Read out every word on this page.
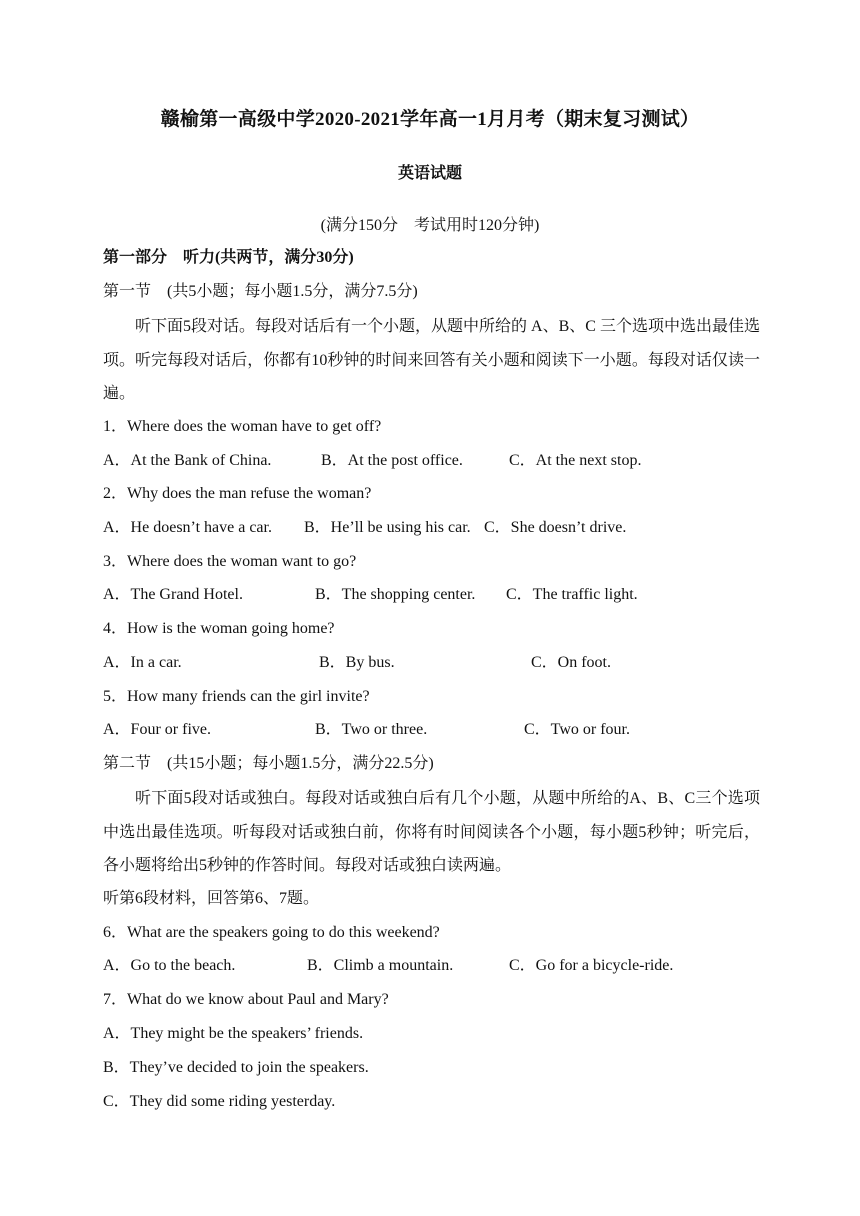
赣榆第一高级中学2020-2021学年高一1月月考（期末复习测试）
英语试题
(满分150分　考试用时120分钟)
第一部分　听力(共两节，满分30分)
第一节　(共5小题；每小题1.5分，满分7.5分)
听下面5段对话。每段对话后有一个小题，从题中所给的 A、B、C 三个选项中选出最佳选项。听完每段对话后，你都有10秒钟的时间来回答有关小题和阅读下一小题。每段对话仅读一遍。
1．Where does the woman have to get off?
A．At the Bank of China.	B．At the post office.	C．At the next stop.
2．Why does the man refuse the woman?
A．He doesn’t have a car. B．He’ll be using his car. C．She doesn’t drive.
3．Where does the woman want to go?
A．The Grand Hotel.	B．The shopping center. C．The traffic light.
4．How is the woman going home?
A．In a car.	B．By bus.	C．On foot.
5．How many friends can the girl invite?
A．Four or five.	B．Two or three.	C．Two or four.
第二节　(共15小题；每小题1.5分，满分22.5分)
听下面5段对话或独白。每段对话或独白后有几个小题，从题中所给的A、B、C三个选项中选出最佳选项。听每段对话或独白前，你将有时间阅读各个小题，每小题5秒钟；听完后，各小题将给出5秒钟的作答时间。每段对话或独白读两遍。
听第6段材料，回答第6、7题。
6．What are the speakers going to do this weekend?
A．Go to the beach.	B．Climb a mountain.	C．Go for a bicycle-ride.
7．What do we know about Paul and Mary?
A．They might be the speakers’ friends.
B．They’ve decided to join the speakers.
C．They did some riding yesterday.
